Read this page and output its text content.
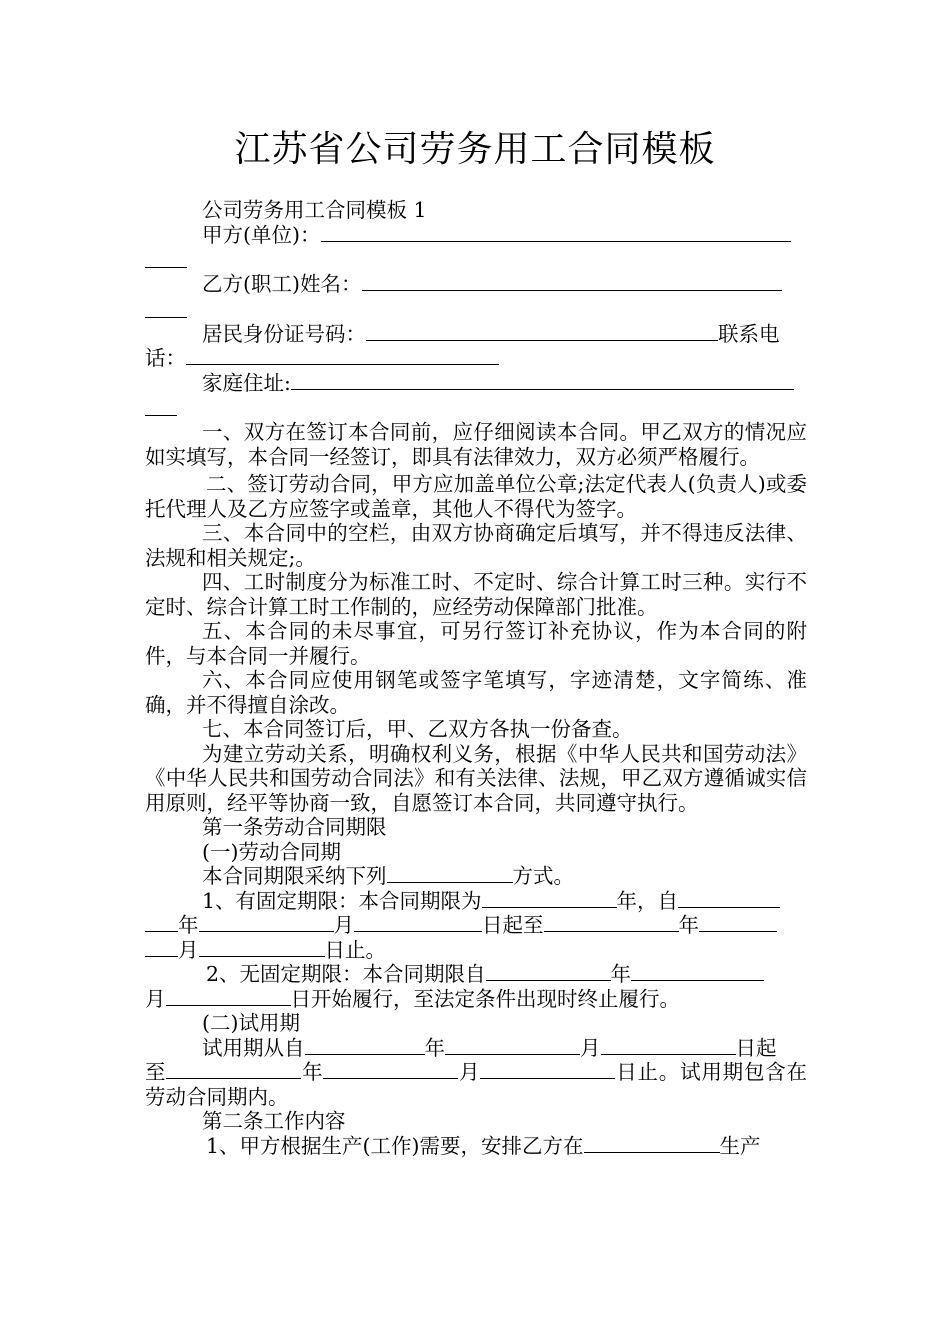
江苏省公司劳务用工合同模板

公司劳务用工合同模板 1

甲方(单位)：

乙方(职工)姓名：

居民身份证号码：	联系电

话：

家庭住址:

一、双方在签订本合同前，应仔细阅读本合同。甲乙双方的情况应如实填写，本合同一经签订，即具有法律效力，双方必须严格履行。

二、签订劳动合同，甲方应加盖单位公章;法定代表人(负责人)或委托代理人及乙方应签字或盖章，其他人不得代为签字。

三、本合同中的空栏，由双方协商确定后填写，并不得违反法律、法规和相关规定;。

四、工时制度分为标准工时、不定时、综合计算工时三种。实行不定时、综合计算工时工作制的，应经劳动保障部门批准。

五、本合同的未尽事宜，可另行签订补充协议，作为本合同的附件，与本合同一并履行。

六、本合同应使用钢笔或签字笔填写，字迹清楚，文字简练、准确，并不得擅自涂改。

七、本合同签订后，甲、乙双方各执一份备查。

为建立劳动关系，明确权利义务，根据《中华人民共和国劳动法》《中华人民共和国劳动合同法》和有关法律、法规，甲乙双方遵循诚实信用原则，经平等协商一致，自愿签订本合同，共同遵守执行。

第一条劳动合同期限

(一)劳动合同期

本合同期限采纳下列	方式。

1、有固定期限：本合同期限为	年，自

年	月	日起至	年

月	日止。

2、无固定期限：本合同期限自	年

月	日开始履行，至法定条件出现时终止履行。

(二)试用期

试用期从自	年	月	日起

至	年	月	日止。试用期包含在劳动合同期内。

第二条工作内容

1、甲方根据生产(工作)需要，安排乙方在	生产
